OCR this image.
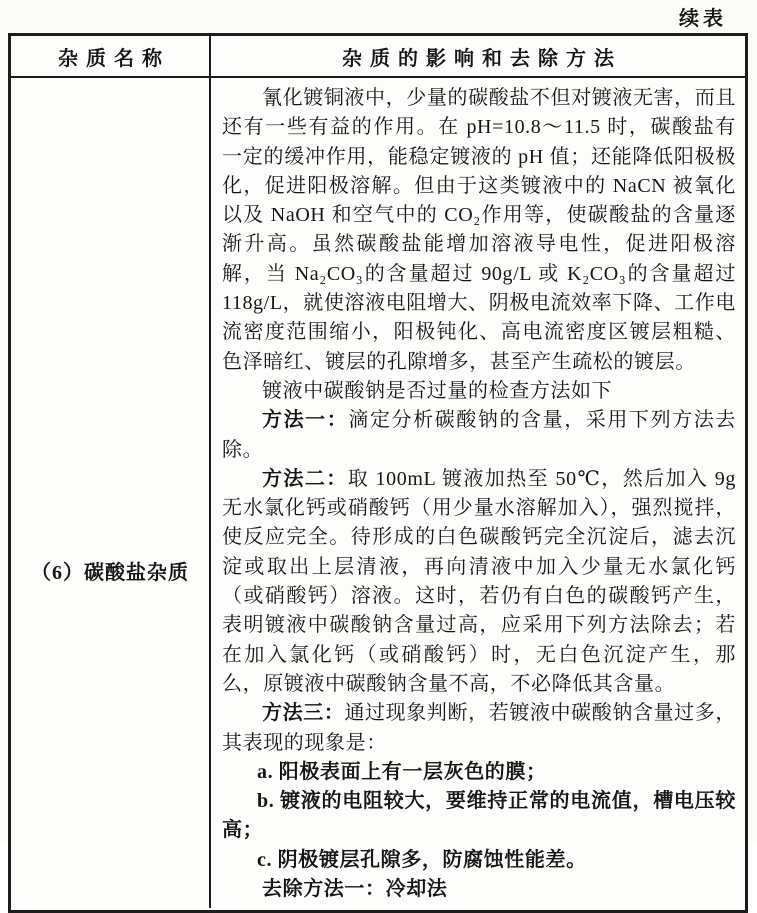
续表
杂质名称	杂质的影响和去除方法
（6）碳酸盐杂质

氰化镀铜液中，少量的碳酸盐不但对镀液无害，而且还有一些有益的作用。在 pH=10.8～11.5 时，碳酸盐有一定的缓冲作用，能稳定镀液的 pH 值；还能降低阳极极化，促进阳极溶解。但由于这类镀液中的 NaCN 被氧化以及 NaOH 和空气中的 CO₂作用等，使碳酸盐的含量逐渐升高。虽然碳酸盐能增加溶液导电性，促进阳极溶解，当 Na₂CO₃的含量超过 90g/L 或 K₂CO₃的含量超过 118g/L，就使溶液电阻增大、阴极电流效率下降、工作电流密度范围缩小，阳极钝化、高电流密度区镀层粗糙、色泽暗红、镀层的孔隙增多，甚至产生疏松的镀层。

镀液中碳酸钠是否过量的检查方法如下

方法一：滴定分析碳酸钠的含量，采用下列方法去除。

方法二：取 100mL 镀液加热至 50℃，然后加入 9g 无水氯化钙或硝酸钙（用少量水溶解加入），强烈搅拌，使反应完全。待形成的白色碳酸钙完全沉淀后，滤去沉淀或取出上层清液，再向清液中加入少量无水氯化钙（或硝酸钙）溶液。这时，若仍有白色的碳酸钙产生，表明镀液中碳酸钠含量过高，应采用下列方法除去；若在加入氯化钙（或硝酸钙）时，无白色沉淀产生，那么，原镀液中碳酸钠含量不高，不必降低其含量。

方法三：通过现象判断，若镀液中碳酸钠含量过多，其表现的现象是：

a. 阳极表面上有一层灰色的膜；

b. 镀液的电阻较大，要维持正常的电流值，槽电压较高；

c. 阴极镀层孔隙多，防腐蚀性能差。

去除方法一：冷却法
